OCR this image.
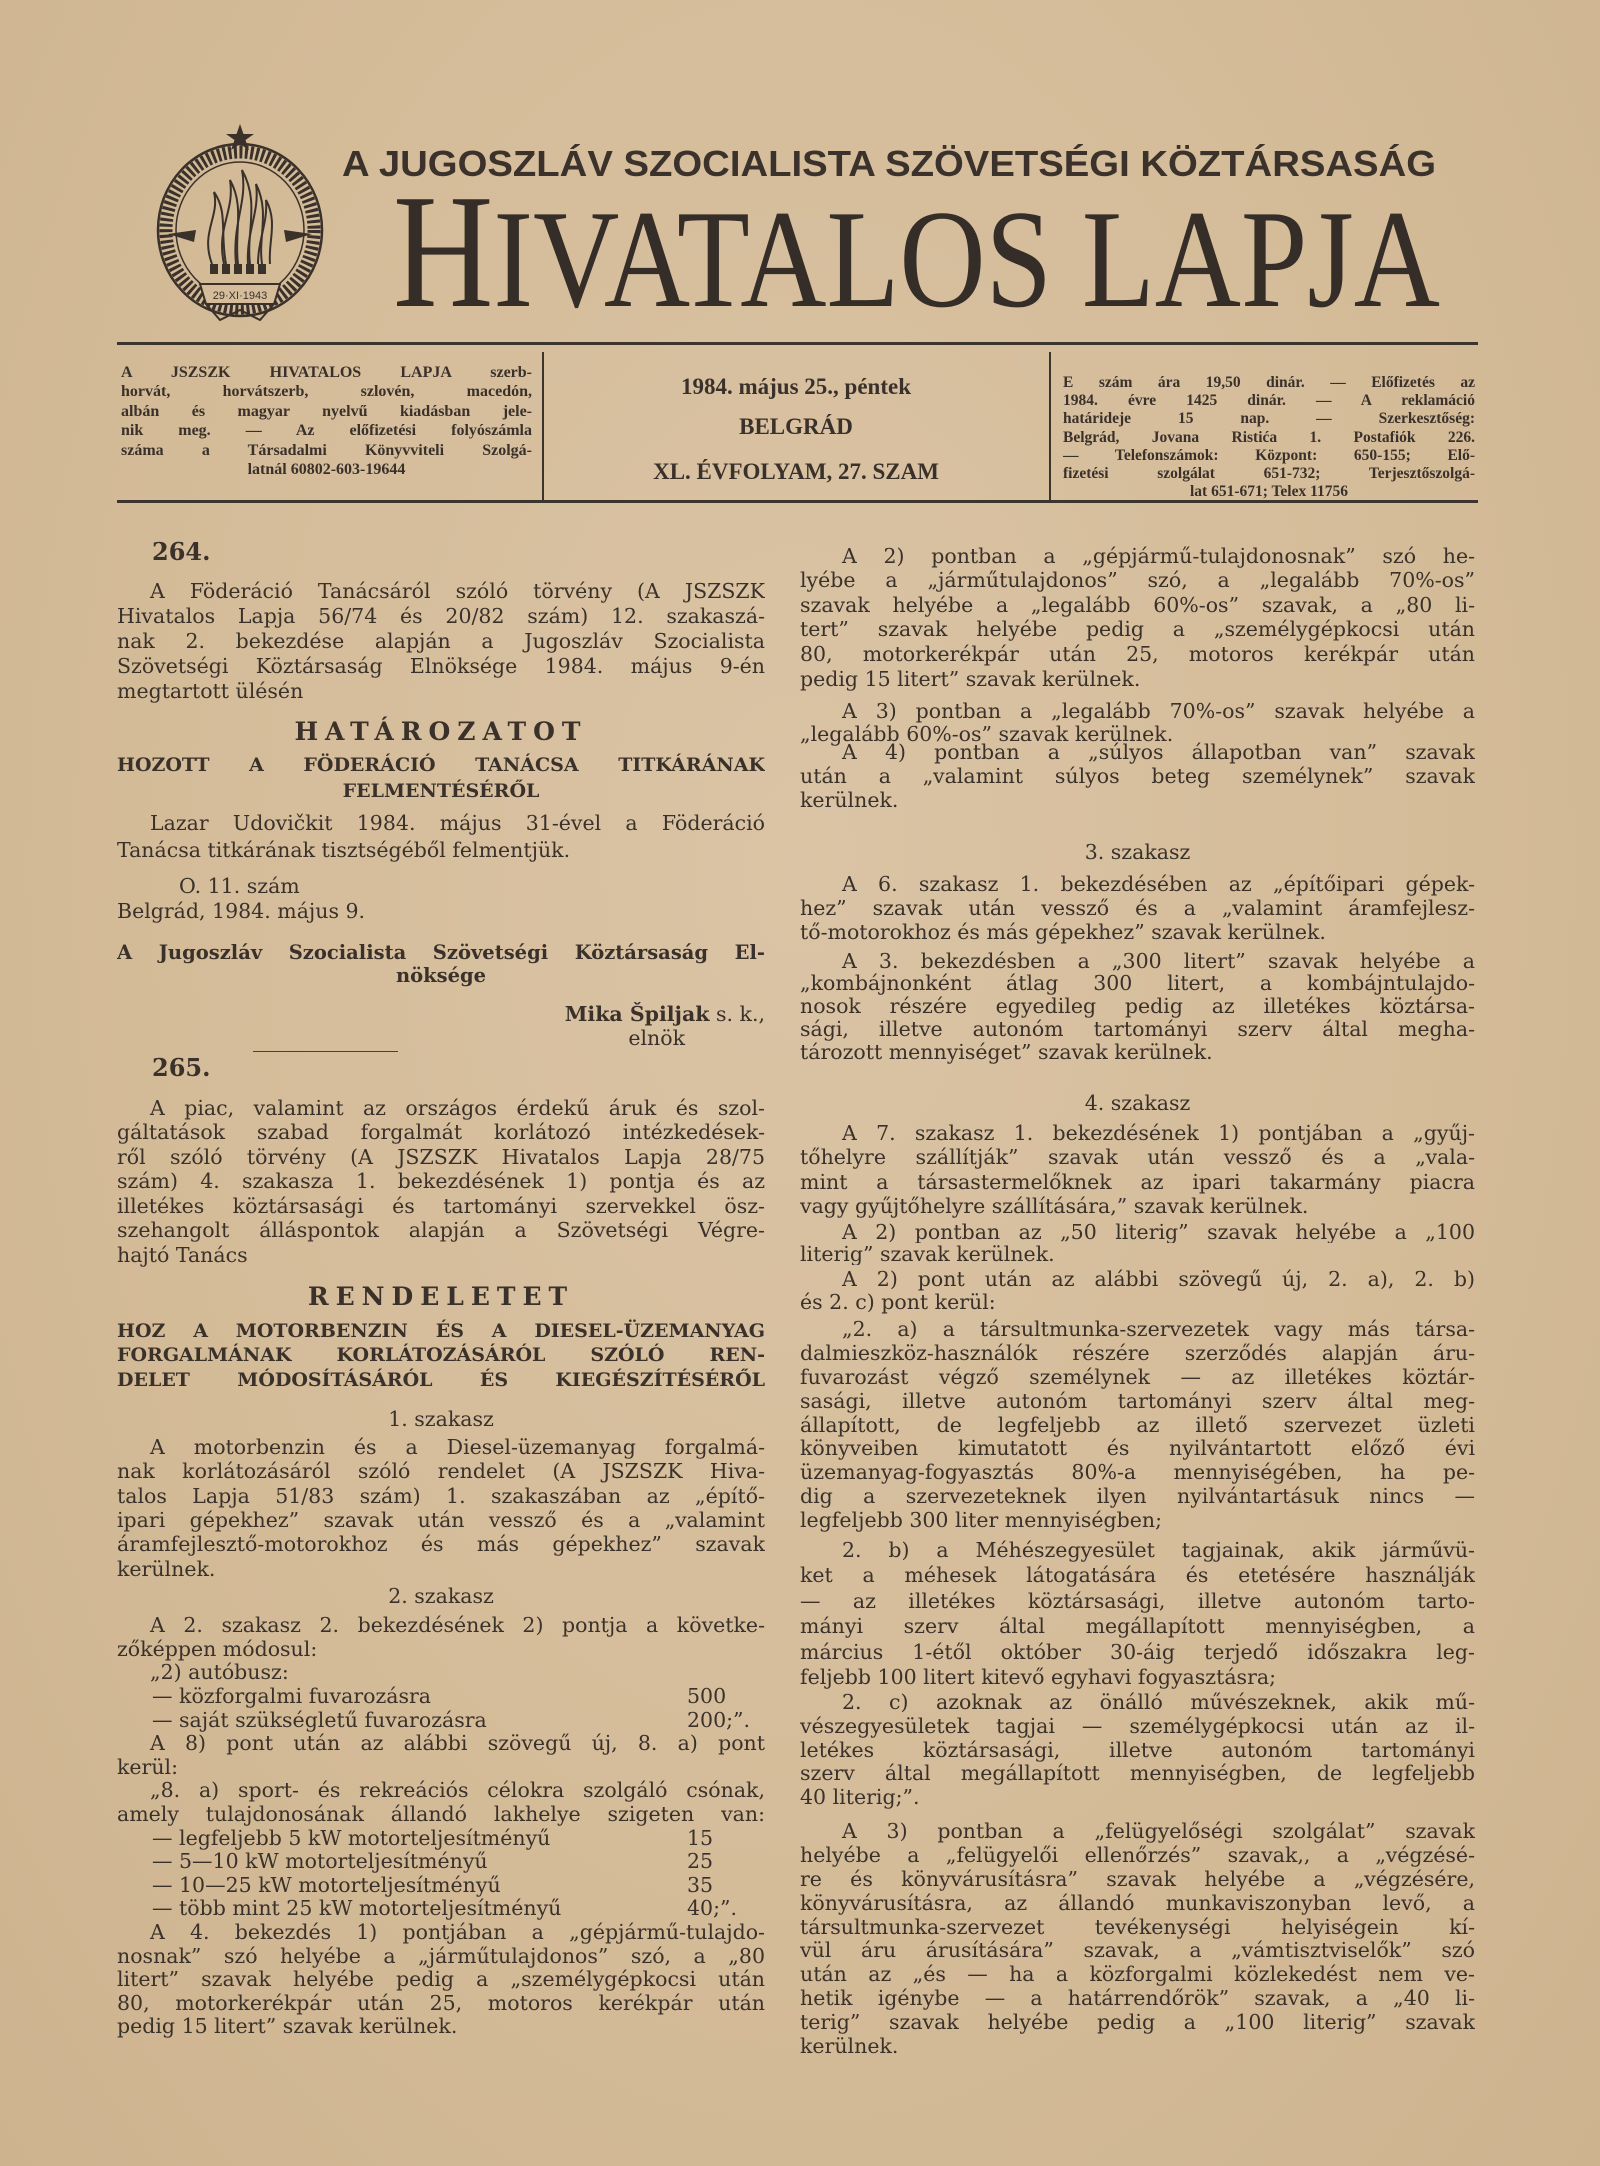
29·XI·1943
A JUGOSZLÁV SZOCIALISTA SZÖVETSÉGI KÖZTÁRSASÁG
HIVATALOS LAPJA
A JSZSZK HIVATALOS LAPJA szerb-
horvát, horvátszerb, szlovén, macedón,
albán és magyar nyelvű kiadásban jele-
nik meg. — Az előfizetési folyószámla
száma a Társadalmi Könyvviteli Szolgá-
latnál 60802-603-19644
1984. május 25., péntek
BELGRÁD
XL. ÉVFOLYAM, 27. SZAM
E szám ára 19,50 dinár. — Előfizetés az
1984. évre 1425 dinár. — A reklamáció
határideje 15 nap. — Szerkesztőség:
Belgrád, Jovana Ristića 1. Postafiók 226.
— Telefonszámok: Központ: 650-155; Elő-
fizetési szolgálat 651-732; Terjesztőszolgá-
lat 651-671; Telex 11756
264.
A Föderáció Tanácsáról szóló törvény (A JSZSZK
Hivatalos Lapja 56/74 és 20/82 szám) 12. szakaszá-
nak 2. bekezdése alapján a Jugoszláv Szocialista
Szövetségi Köztársaság Elnöksége 1984. május 9-én
megtartott ülésén
HATÁROZATOT
HOZOTT A FÖDERÁCIÓ TANÁCSA TITKÁRÁNAK
FELMENTÉSÉRŐL
Lazar Udovičkit 1984. május 31-ével a Föderáció
Tanácsa titkárának tisztségéből felmentjük.
O. 11. szám
Belgrád, 1984. május 9.
A Jugoszláv Szocialista Szövetségi Köztársaság El-
nöksége
Mika Špiljak s. k.,
elnök
265.
A piac, valamint az országos érdekű áruk és szol-
gáltatások szabad forgalmát korlátozó intézkedések-
ről szóló törvény (A JSZSZK Hivatalos Lapja 28/75
szám) 4. szakasza 1. bekezdésének 1) pontja és az
illetékes köztársasági és tartományi szervekkel ösz-
szehangolt álláspontok alapján a Szövetségi Végre-
hajtó Tanács
RENDELETET
HOZ A MOTORBENZIN ÉS A DIESEL-ÜZEMANYAG
FORGALMÁNAK KORLÁTOZÁSÁRÓL SZÓLÓ REN-
DELET MÓDOSÍTÁSÁRÓL ÉS KIEGÉSZÍTÉSÉRŐL
1. szakasz
A motorbenzin és a Diesel-üzemanyag forgalmá-
nak korlátozásáról szóló rendelet (A JSZSZK Hiva-
talos Lapja 51/83 szám) 1. szakaszában az „építő-
ipari gépekhez” szavak után vessző és a „valamint
áramfejlesztő-motorokhoz és más gépekhez” szavak
kerülnek.
2. szakasz
A 2. szakasz 2. bekezdésének 2) pontja a követke-
zőképpen módosul:
„2) autóbusz:
— közforgalmi fuvarozásra	500
— saját szükségletű fuvarozásra	200;”.
A 8) pont után az alábbi szövegű új, 8. a) pont
kerül:
„8. a) sport- és rekreációs célokra szolgáló csónak,
amely tulajdonosának állandó lakhelye szigeten van:
— legfeljebb 5 kW motorteljesítményű	15
— 5—10 kW motorteljesítményű	25
— 10—25 kW motorteljesítményű	35
— több mint 25 kW motorteljesítményű	40;”.
A 4. bekezdés 1) pontjában a „gépjármű-tulajdo-
nosnak” szó helyébe a „járműtulajdonos” szó, a „80
litert” szavak helyébe pedig a „személygépkocsi után
80, motorkerékpár után 25, motoros kerékpár után
pedig 15 litert” szavak kerülnek.
A 2) pontban a „gépjármű-tulajdonosnak” szó he-
lyébe a „járműtulajdonos” szó, a „legalább 70%-os”
szavak helyébe a „legalább 60%-os” szavak, a „80 li-
tert” szavak helyébe pedig a „személygépkocsi után
80, motorkerékpár után 25, motoros kerékpár után
pedig 15 litert” szavak kerülnek.
A 3) pontban a „legalább 70%-os” szavak helyébe a
„legalább 60%-os” szavak kerülnek.
A 4) pontban a „súlyos állapotban van” szavak
után a „valamint súlyos beteg személynek” szavak
kerülnek.
3. szakasz
A 6. szakasz 1. bekezdésében az „építőipari gépek-
hez” szavak után vessző és a „valamint áramfejlesz-
tő-motorokhoz és más gépekhez” szavak kerülnek.
A 3. bekezdésben a „300 litert” szavak helyébe a
„kombájnonként átlag 300 litert, a kombájntulajdo-
nosok részére egyedileg pedig az illetékes köztársa-
sági, illetve autonóm tartományi szerv által megha-
tározott mennyiséget” szavak kerülnek.
4. szakasz
A 7. szakasz 1. bekezdésének 1) pontjában a „gyűj-
tőhelyre szállítják” szavak után vessző és a „vala-
mint a társastermelőknek az ipari takarmány piacra
vagy gyűjtőhelyre szállítására,” szavak kerülnek.
A 2) pontban az „50 literig” szavak helyébe a „100
literig” szavak kerülnek.
A 2) pont után az alábbi szövegű új, 2. a), 2. b)
és 2. c) pont kerül:
„2. a) a társultmunka-szervezetek vagy más társa-
dalmieszköz-használók részére szerződés alapján áru-
fuvarozást végző személynek — az illetékes köztár-
sasági, illetve autonóm tartományi szerv által meg-
állapított, de legfeljebb az illető szervezet üzleti
könyveiben kimutatott és nyilvántartott előző évi
üzemanyag-fogyasztás 80%-a mennyiségében, ha pe-
dig a szervezeteknek ilyen nyilvántartásuk nincs —
legfeljebb 300 liter mennyiségben;
2. b) a Méhészegyesület tagjainak, akik járművü-
ket a méhesek látogatására és etetésére használják
— az illetékes köztársasági, illetve autonóm tarto-
mányi szerv által megállapított mennyiségben, a
március 1-étől október 30-áig terjedő időszakra leg-
feljebb 100 litert kitevő egyhavi fogyasztásra;
2. c) azoknak az önálló művészeknek, akik mű-
vészegyesületek tagjai — személygépkocsi után az il-
letékes köztársasági, illetve autonóm tartományi
szerv által megállapított mennyiségben, de legfeljebb
40 literig;”.
A 3) pontban a „felügyelőségi szolgálat” szavak
helyébe a „felügyelői ellenőrzés” szavak,, a „végzésé-
re és könyvárusításra” szavak helyébe a „végzésére,
könyvárusításra, az állandó munkaviszonyban levő, a
társultmunka-szervezet tevékenységi helyiségein kí-
vül áru árusítására” szavak, a „vámtisztviselők” szó
után az „és — ha a közforgalmi közlekedést nem ve-
hetik igénybe — a határrendőrök” szavak, a „40 li-
terig” szavak helyébe pedig a „100 literig” szavak
kerülnek.
